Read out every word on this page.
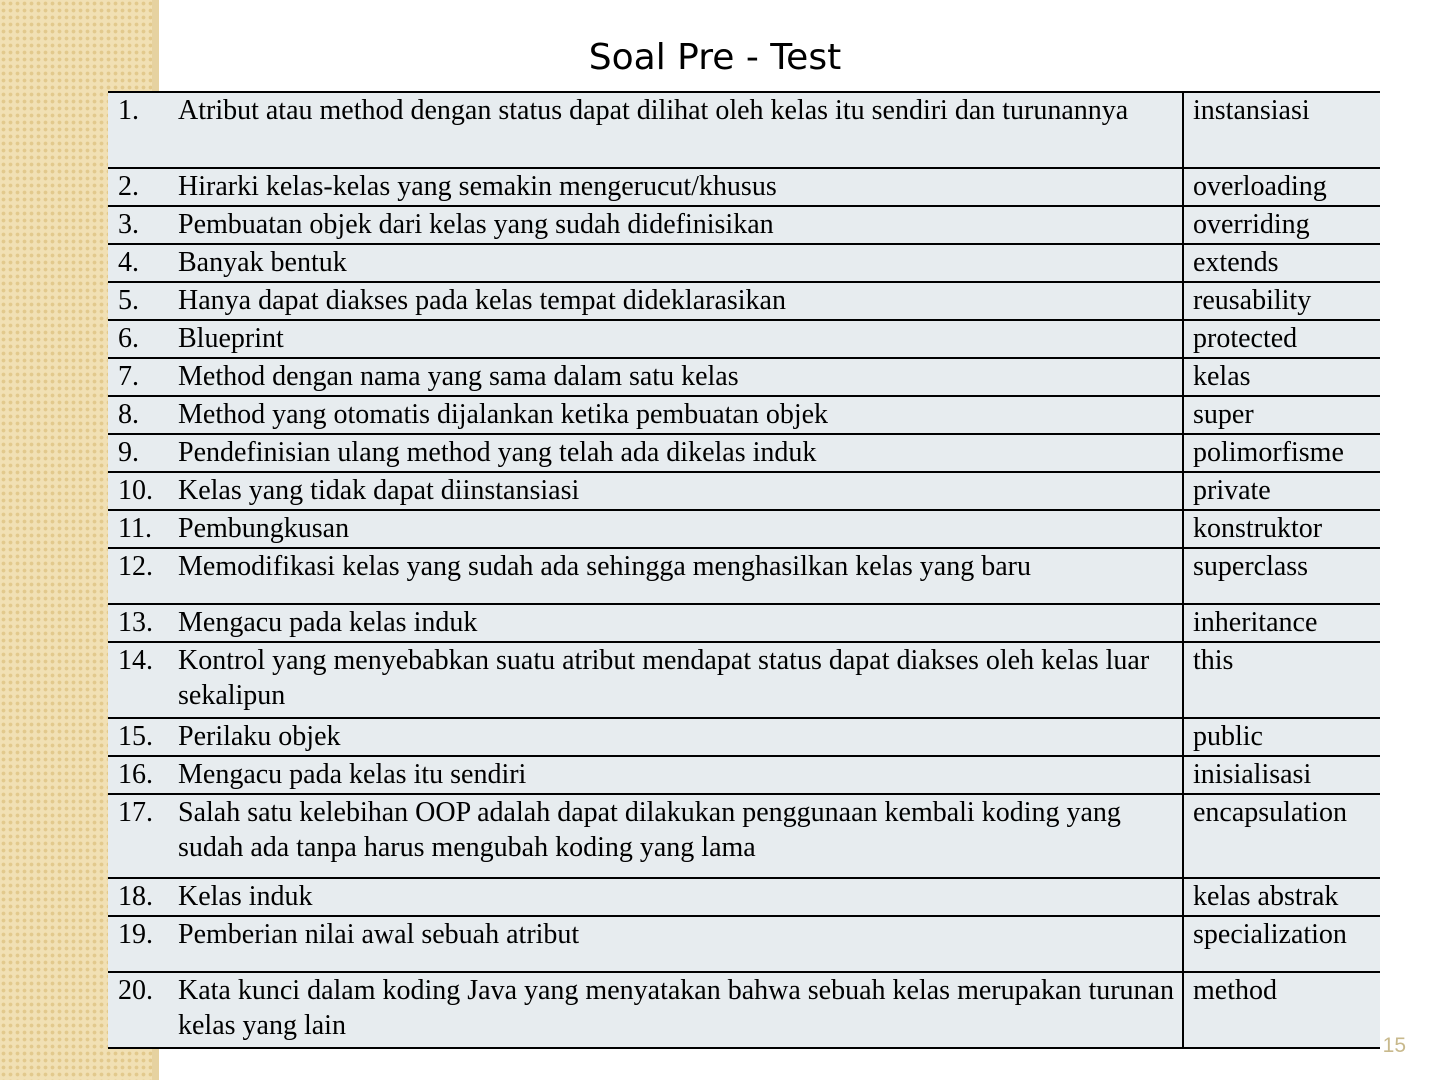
Soal Pre - Test
1.	Atribut atau method dengan status dapat dilihat oleh kelas itu sendiri dan turunannya	instansiasi
2.	Hirarki kelas-kelas yang semakin mengerucut/khusus	overloading
3.	Pembuatan objek dari kelas yang sudah didefinisikan	overriding
4.	Banyak bentuk	extends
5.	Hanya dapat diakses pada kelas tempat dideklarasikan	reusability
6.	Blueprint	protected
7.	Method dengan nama yang sama dalam satu kelas	kelas
8.	Method yang otomatis dijalankan ketika pembuatan objek	super
9.	Pendefinisian ulang method yang telah ada dikelas induk	polimorfisme
10.	Kelas yang tidak dapat diinstansiasi	private
11.	Pembungkusan	konstruktor
12.	Memodifikasi kelas yang sudah ada sehingga menghasilkan kelas yang baru	superclass
13.	Mengacu pada kelas induk	inheritance
14.	Kontrol yang menyebabkan suatu atribut mendapat status dapat diakses oleh kelas luar sekalipun	this
15.	Perilaku objek	public
16.	Mengacu pada kelas itu sendiri	inisialisasi
17.	Salah satu kelebihan OOP adalah dapat dilakukan penggunaan kembali koding yang sudah ada tanpa harus mengubah koding yang lama	encapsulation
18.	Kelas induk	kelas abstrak
19.	Pemberian nilai awal sebuah atribut	specialization
20.	Kata kunci dalam koding Java yang menyatakan bahwa sebuah kelas merupakan turunan kelas yang lain	method
15
